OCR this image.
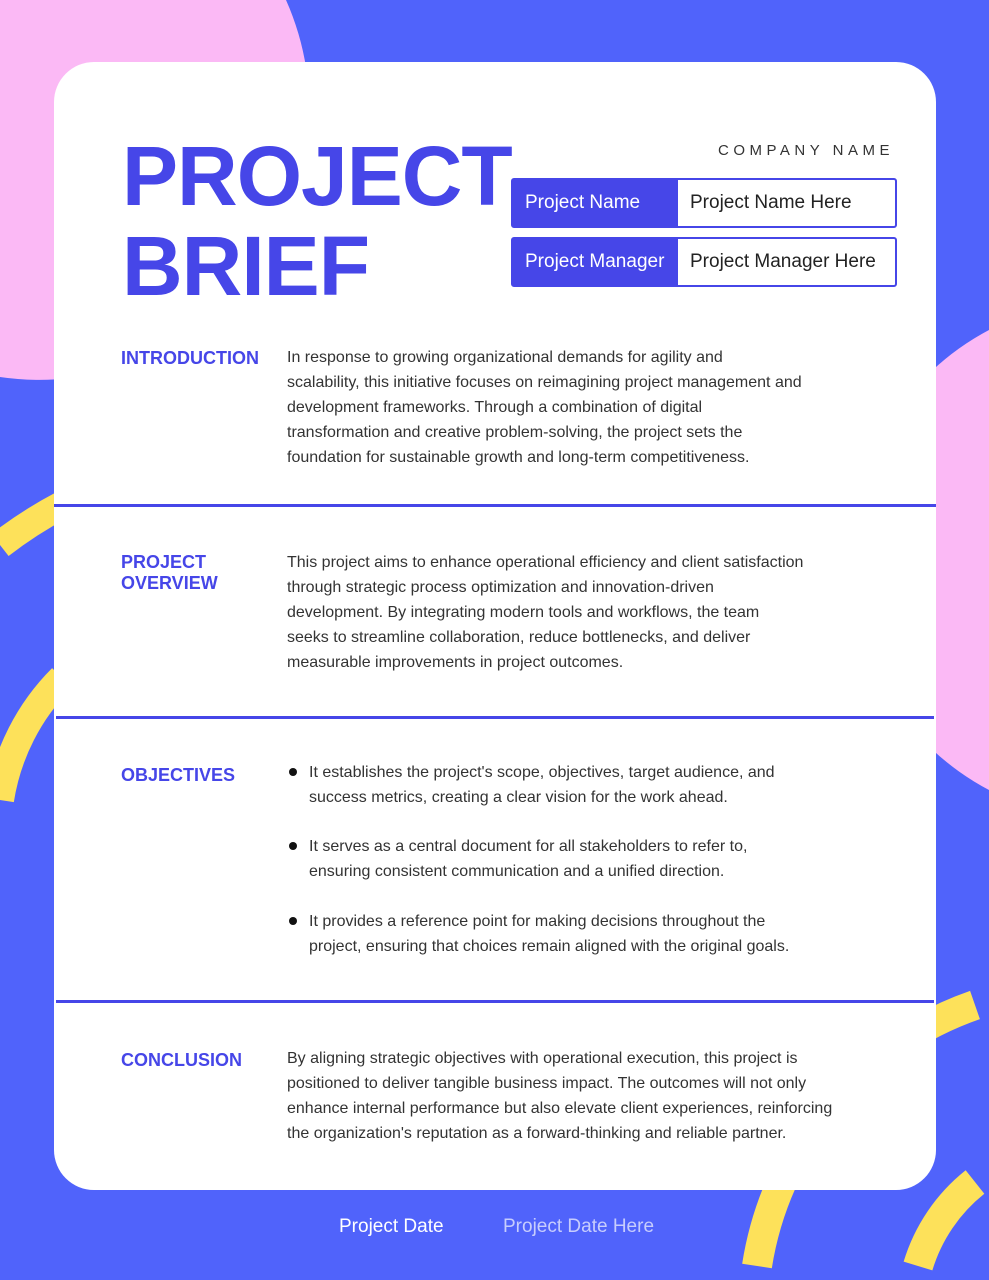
PROJECT
BRIEF
COMPANY NAME
Project Name	Project Name Here
Project Manager	Project Manager Here
INTRODUCTION In response to growing organizational demands for agility and
scalability, this initiative focuses on reimagining project management and
development frameworks. Through a combination of digital
transformation and creative problem-solving, the project sets the
foundation for sustainable growth and long-term competitiveness.
PROJECT
OVERVIEW
This project aims to enhance operational efficiency and client satisfaction
through strategic process optimization and innovation-driven
development. By integrating modern tools and workflows, the team
seeks to streamline collaboration, reduce bottlenecks, and deliver
measurable improvements in project outcomes.
OBJECTIVES	It establishes the project's scope, objectives, target audience, and
success metrics, creating a clear vision for the work ahead.
It serves as a central document for all stakeholders to refer to,
ensuring consistent communication and a unified direction.
It provides a reference point for making decisions throughout the
project, ensuring that choices remain aligned with the original goals.
CONCLUSION	By aligning strategic objectives with operational execution, this project is
positioned to deliver tangible business impact. The outcomes will not only
enhance internal performance but also elevate client experiences, reinforcing
the organization's reputation as a forward-thinking and reliable partner.
Project Date	Project Date Here
